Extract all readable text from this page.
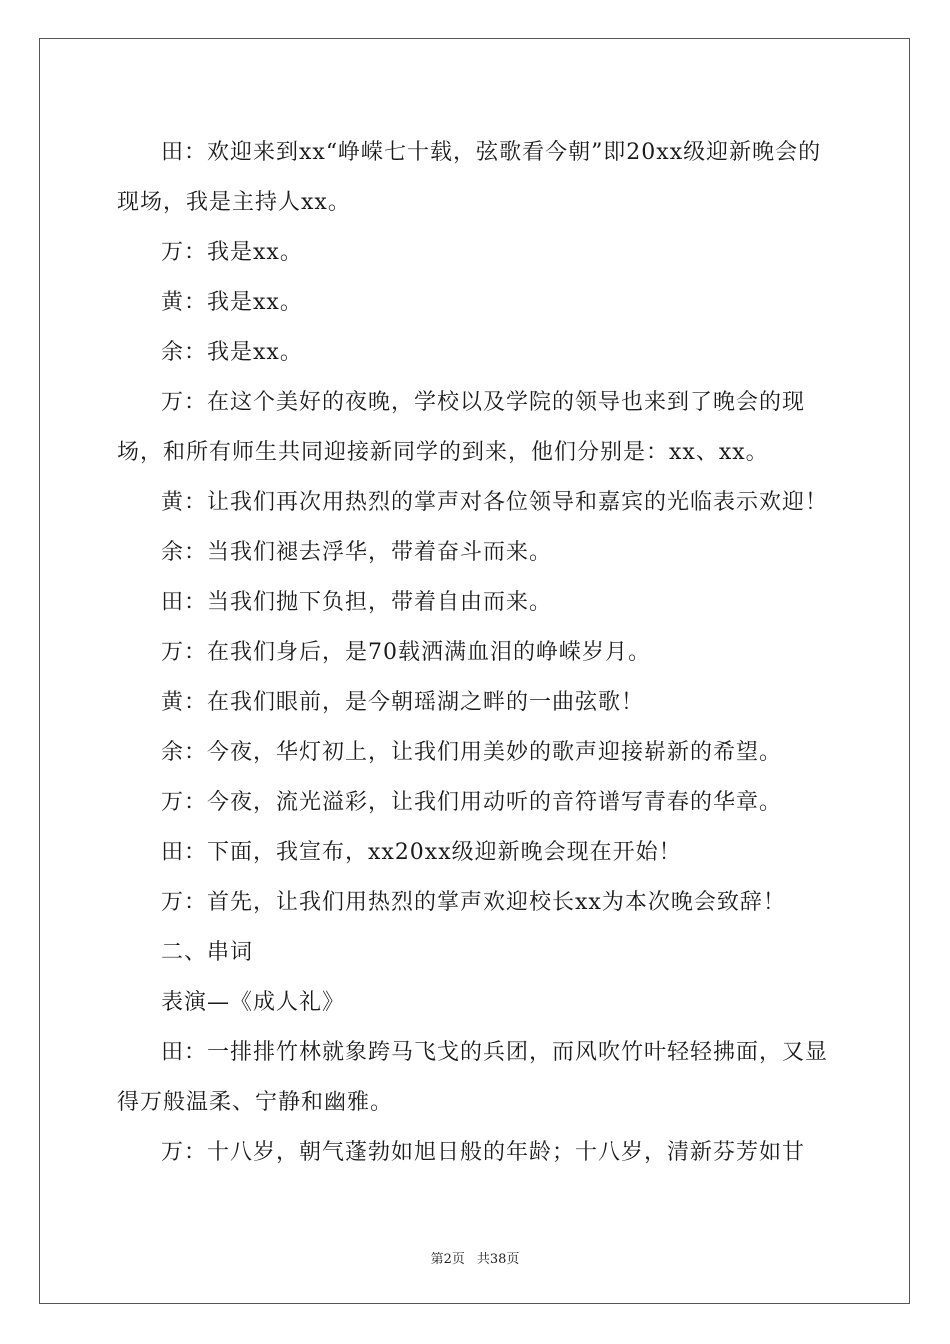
田：欢迎来到xx“峥嵘七十载，弦歌看今朝”即20xx级迎新晚会的现场，我是主持人xx。

万：我是xx。

黄：我是xx。

余：我是xx。

万：在这个美好的夜晚，学校以及学院的领导也来到了晚会的现场，和所有师生共同迎接新同学的到来，他们分别是：xx、xx。

黄：让我们再次用热烈的掌声对各位领导和嘉宾的光临表示欢迎！

余：当我们褪去浮华，带着奋斗而来。

田：当我们抛下负担，带着自由而来。

万：在我们身后，是70载洒满血泪的峥嵘岁月。

黄：在我们眼前，是今朝瑶湖之畔的一曲弦歌！

余：今夜，华灯初上，让我们用美妙的歌声迎接崭新的希望。

万：今夜，流光溢彩，让我们用动听的音符谱写青春的华章。

田：下面，我宣布，xx20xx级迎新晚会现在开始！

万：首先，让我们用热烈的掌声欢迎校长xx为本次晚会致辞！

二、串词

表演—《成人礼》

田：一排排竹林就象跨马飞戈的兵团，而风吹竹叶轻轻拂面，又显得万般温柔、宁静和幽雅。

万：十八岁，朝气蓬勃如旭日般的年龄；十八岁，清新芬芳如甘

第2页 共38页
